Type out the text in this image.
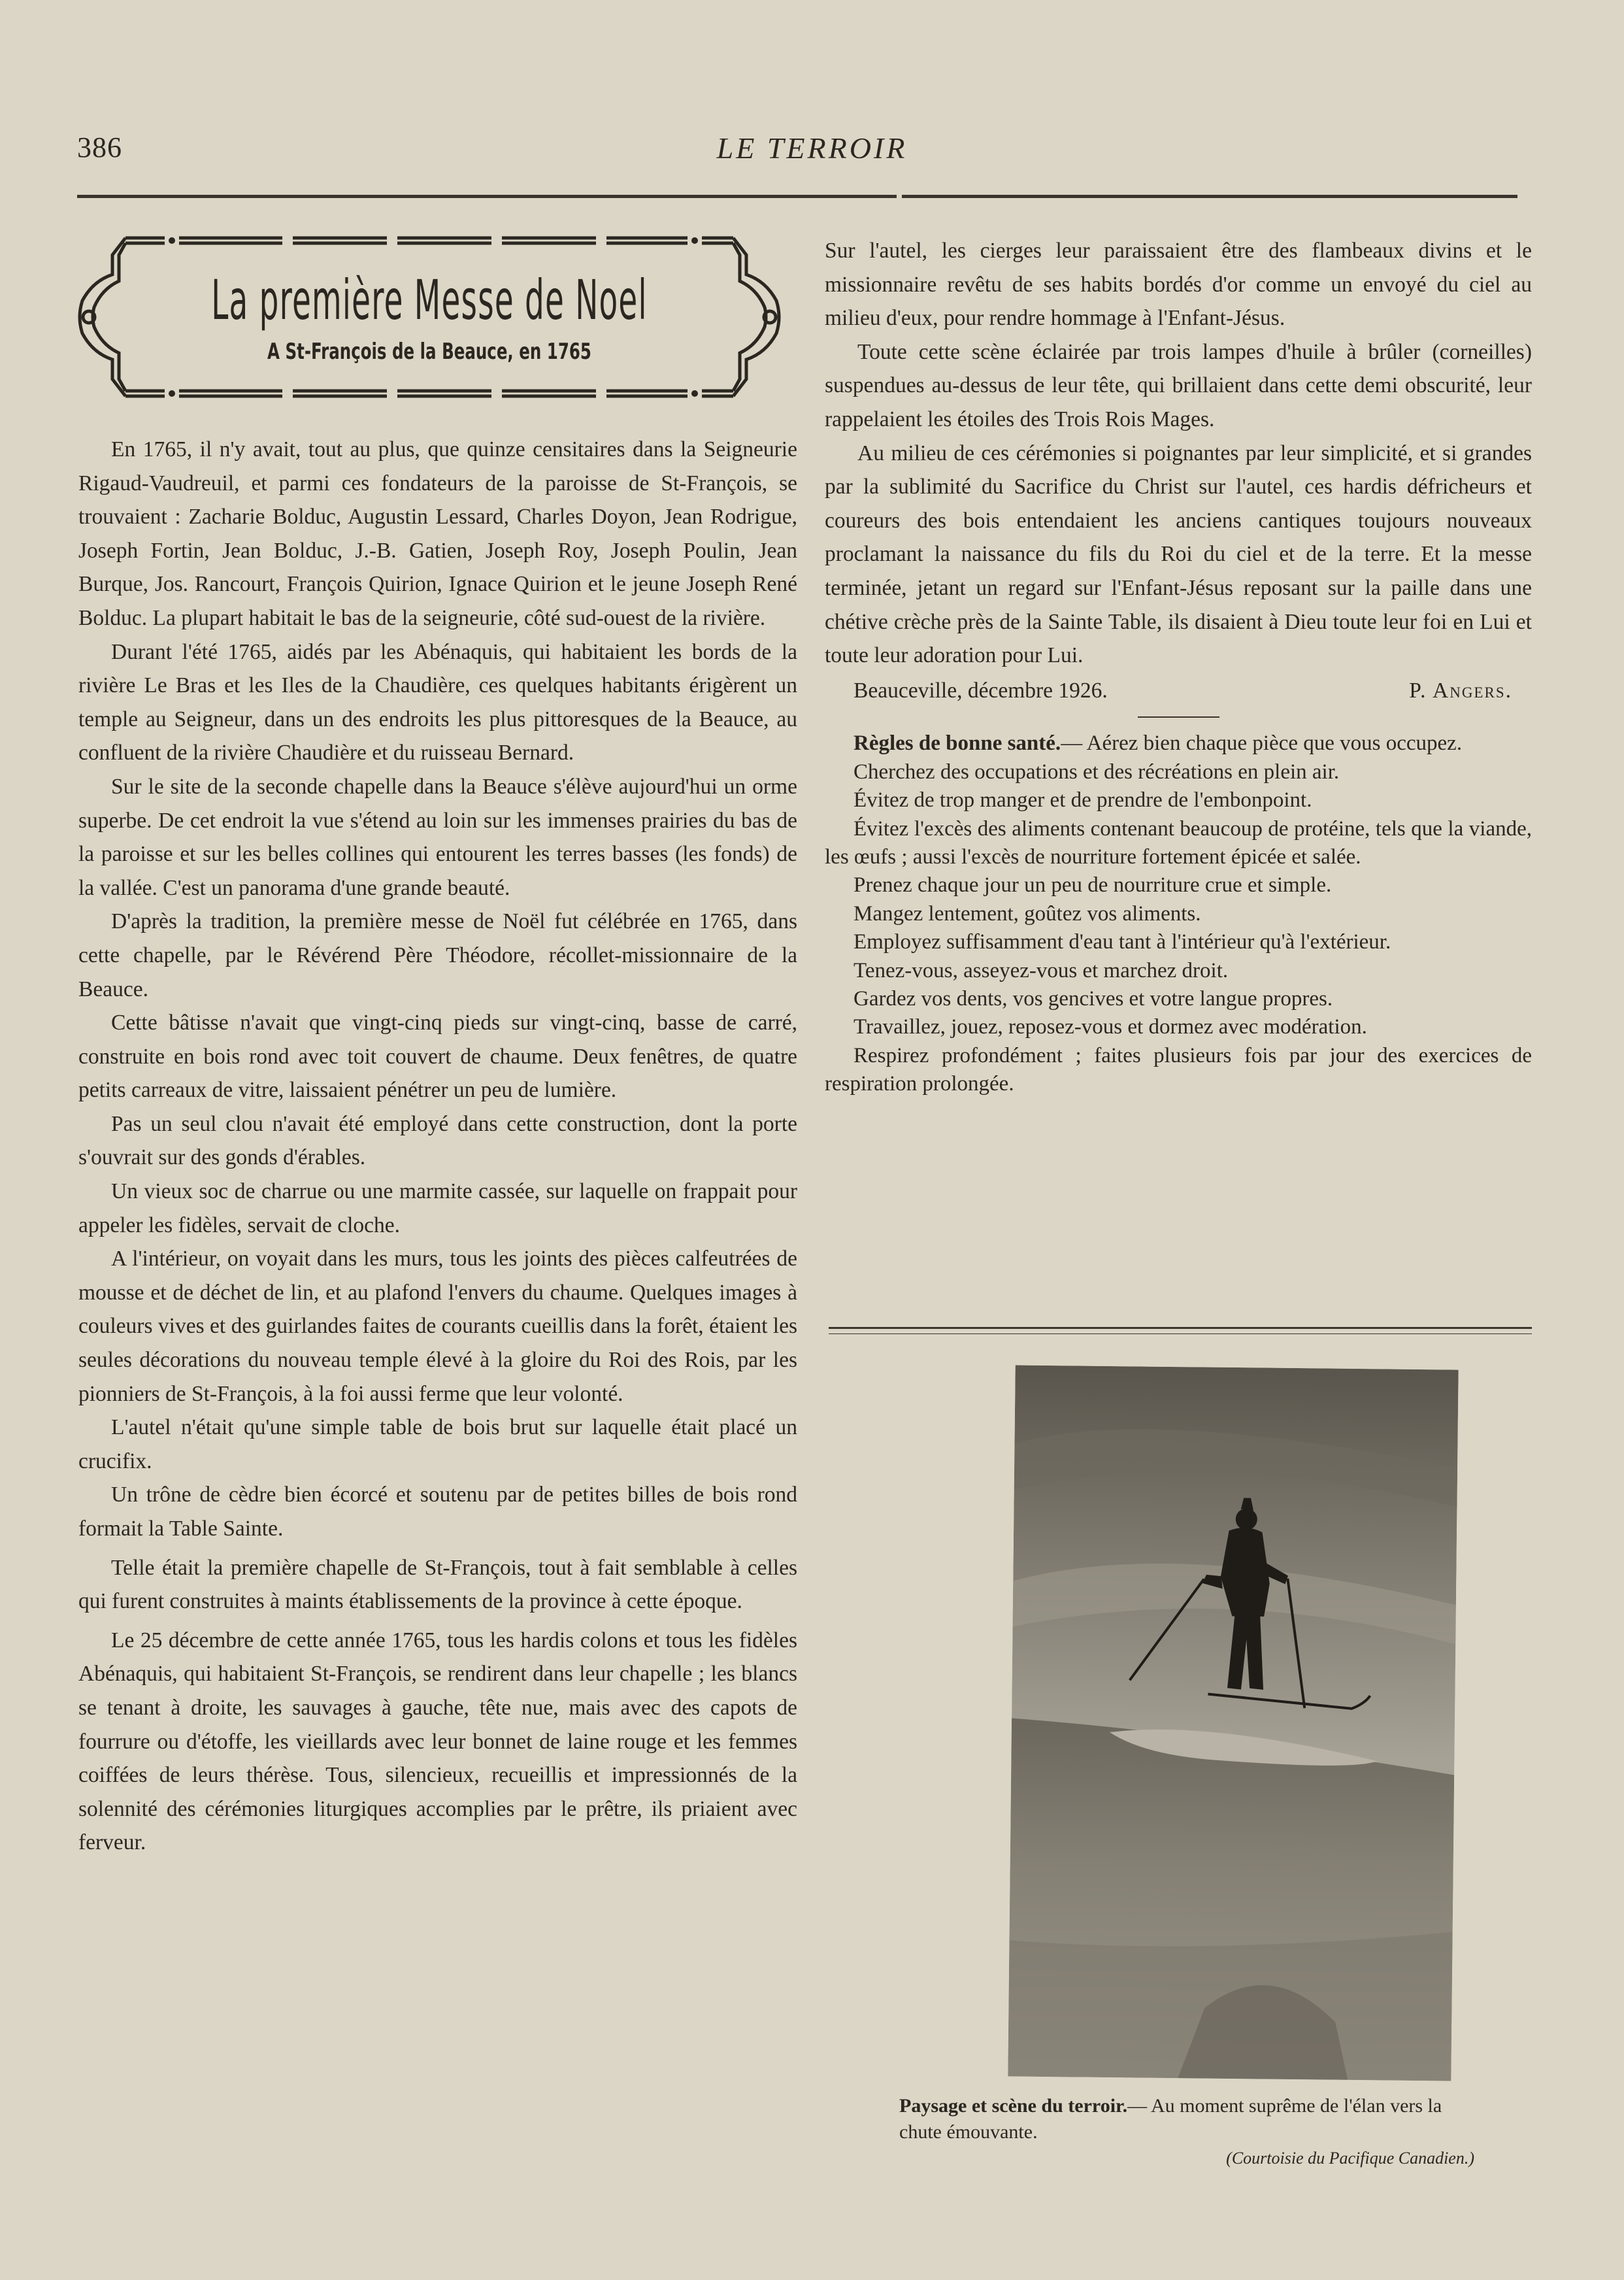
386	LE TERROIR
La première Messe de Noel
A St-François de la Beauce, en 1765

En 1765, il n'y avait, tout au plus, que quinze censitaires dans la Seigneurie Rigaud-Vaudreuil, et parmi ces fondateurs de la paroisse de St-François, se trouvaient : Zacharie Bolduc, Augustin Lessard, Charles Doyon, Jean Rodrigue, Joseph Fortin, Jean Bolduc, J.-B. Gatien, Joseph Roy, Joseph Poulin, Jean Burque, Jos. Rancourt, François Quirion, Ignace Quirion et le jeune Joseph René Bolduc. La plupart habitait le bas de la seigneurie, côté sud-ouest de la rivière.

Durant l'été 1765, aidés par les Abénaquis, qui habitaient les bords de la rivière Le Bras et les Iles de la Chaudière, ces quelques habitants érigèrent un temple au Seigneur, dans un des endroits les plus pittoresques de la Beauce, au confluent de la rivière Chaudière et du ruisseau Bernard.

Sur le site de la seconde chapelle dans la Beauce s'élève aujourd'hui un orme superbe. De cet endroit la vue s'étend au loin sur les immenses prairies du bas de la paroisse et sur les belles collines qui entourent les terres basses (les fonds) de la vallée. C'est un panorama d'une grande beauté.

D'après la tradition, la première messe de Noël fut célébrée en 1765, dans cette chapelle, par le Révérend Père Théodore, récollet-missionnaire de la Beauce.

Cette bâtisse n'avait que vingt-cinq pieds sur vingt-cinq, basse de carré, construite en bois rond avec toit couvert de chaume. Deux fenêtres, de quatre petits carreaux de vitre, laissaient pénétrer un peu de lumière.

Pas un seul clou n'avait été employé dans cette construction, dont la porte s'ouvrait sur des gonds d'érables.

Un vieux soc de charrue ou une marmite cassée, sur laquelle on frappait pour appeler les fidèles, servait de cloche.

A l'intérieur, on voyait dans les murs, tous les joints des pièces calfeutrées de mousse et de déchet de lin, et au plafond l'envers du chaume. Quelques images à couleurs vives et des guirlandes faites de courants cueillis dans la forêt, étaient les seules décorations du nouveau temple élevé à la gloire du Roi des Rois, par les pionniers de St-François, à la foi aussi ferme que leur volonté.

L'autel n'était qu'une simple table de bois brut sur laquelle était placé un crucifix.

Un trône de cèdre bien écorcé et soutenu par de petites billes de bois rond formait la Table Sainte.

Telle était la première chapelle de St-François, tout à fait semblable à celles qui furent construites à maints établissements de la province à cette époque.

Le 25 décembre de cette année 1765, tous les hardis colons et tous les fidèles Abénaquis, qui habitaient St-François, se rendirent dans leur chapelle ; les blancs se tenant à droite, les sauvages à gauche, tête nue, mais avec des capots de fourrure ou d'étoffe, les vieillards avec leur bonnet de laine rouge et les femmes coiffées de leurs thérèse. Tous, silencieux, recueillis et impressionnés de la solennité des cérémonies liturgiques accomplies par le prêtre, ils priaient avec ferveur.

Sur l'autel, les cierges leur paraissaient être des flambeaux divins et le missionnaire revêtu de ses habits bordés d'or comme un envoyé du ciel au milieu d'eux, pour rendre hommage à l'Enfant-Jésus.

Toute cette scène éclairée par trois lampes d'huile à brûler (corneilles) suspendues au-dessus de leur tête, qui brillaient dans cette demi obscurité, leur rappelaient les étoiles des Trois Rois Mages.

Au milieu de ces cérémonies si poignantes par leur simplicité, et si grandes par la sublimité du Sacrifice du Christ sur l'autel, ces hardis défricheurs et coureurs des bois entendaient les anciens cantiques toujours nouveaux proclamant la naissance du fils du Roi du ciel et de la terre. Et la messe terminée, jetant un regard sur l'Enfant-Jésus reposant sur la paille dans une chétive crèche près de la Sainte Table, ils disaient à Dieu toute leur foi en Lui et toute leur adoration pour Lui.

Beauceville, décembre 1926.	P. Angers.

Règles de bonne santé.— Aérez bien chaque pièce que vous occupez.

Cherchez des occupations et des récréations en plein air.

Évitez de trop manger et de prendre de l'embonpoint.

Évitez l'excès des aliments contenant beaucoup de protéine, tels que la viande, les œufs ; aussi l'excès de nourriture fortement épicée et salée.

Prenez chaque jour un peu de nourriture crue et simple.

Mangez lentement, goûtez vos aliments.

Employez suffisamment d'eau tant à l'intérieur qu'à l'extérieur.

Tenez-vous, asseyez-vous et marchez droit.

Gardez vos dents, vos gencives et votre langue propres.

Travaillez, jouez, reposez-vous et dormez avec modération.

Respirez profondément ; faites plusieurs fois par jour des exercices de respiration prolongée.

Paysage et scène du terroir.— Au moment suprême de l'élan vers la chute émouvante.
(Courtoisie du Pacifique Canadien.)
